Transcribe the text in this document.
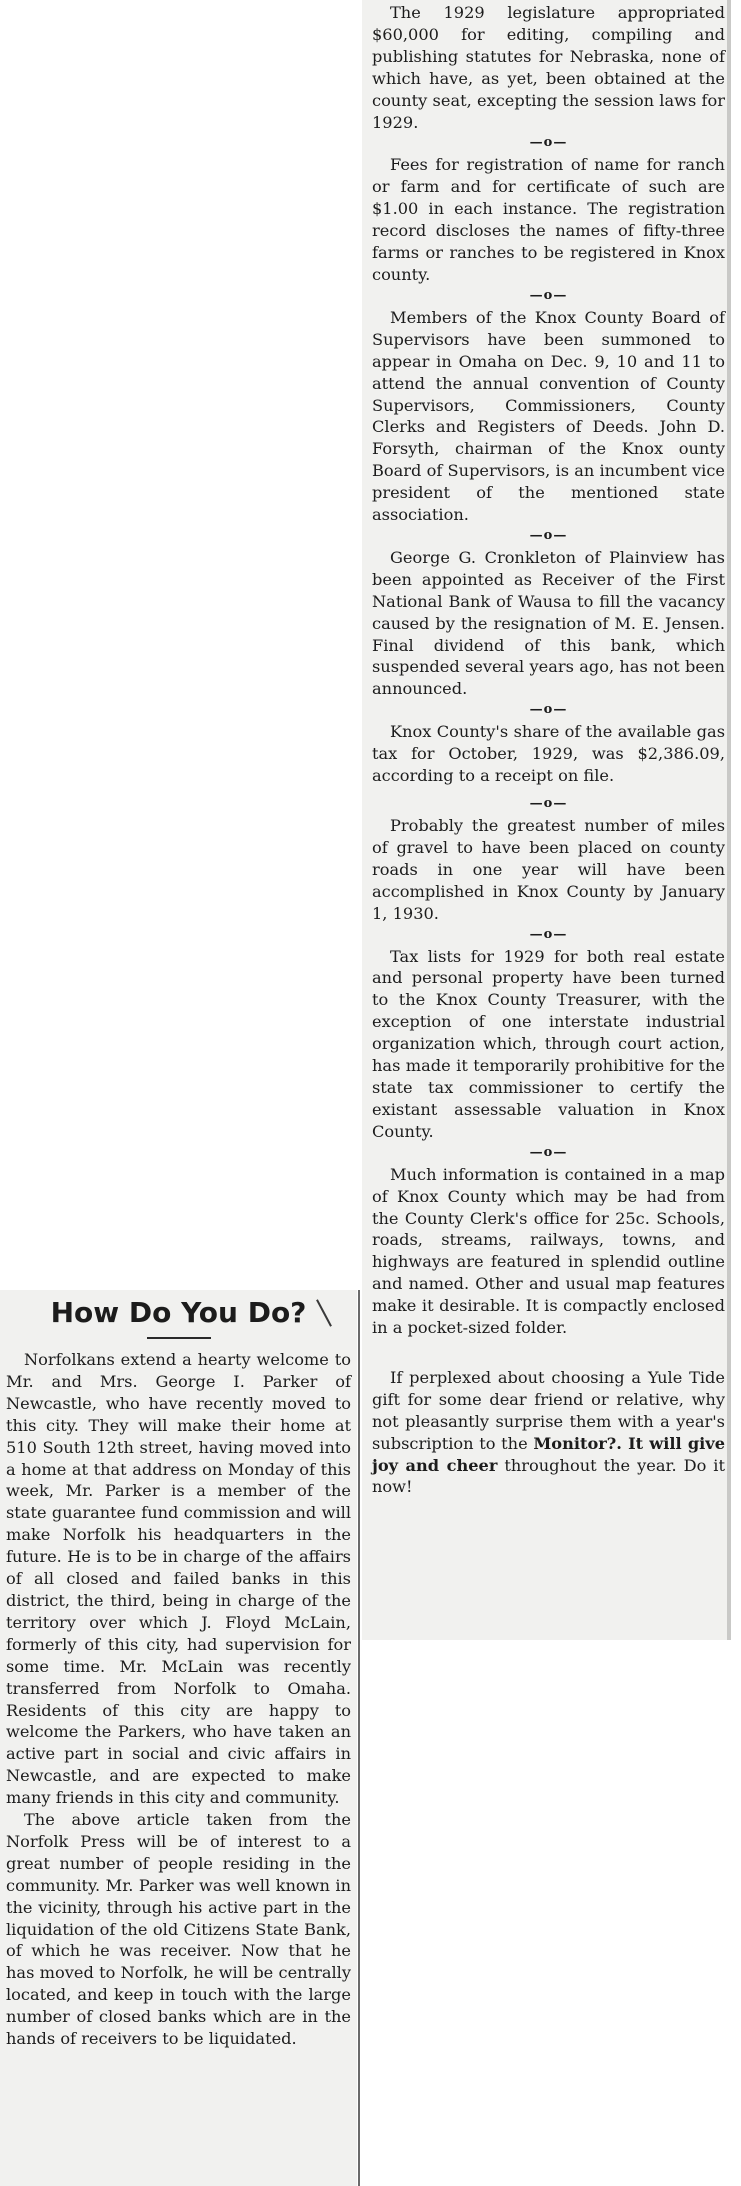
The 1929 legislature appropriated $60,000 for editing, compiling and publishing statutes for Nebraska, none of which have, as yet, been obtained at the county seat, excepting the session laws for 1929.

—o—

Fees for registration of name for ranch or farm and for certificate of such are $1.00 in each instance. The registration record discloses the names of fifty-three farms or ranches to be registered in Knox county.

—o—

Members of the Knox County Board of Supervisors have been summoned to appear in Omaha on Dec. 9, 10 and 11 to attend the annual convention of County Supervisors, Commissioners, County Clerks and Registers of Deeds. John D. Forsyth, chairman of the Knox ounty Board of Supervisors, is an incumbent vice president of the mentioned state association.

—o—

George G. Cronkleton of Plainview has been appointed as Receiver of the First National Bank of Wausa to fill the vacancy caused by the resignation of M. E. Jensen. Final dividend of this bank, which suspended several years ago, has not been announced.

—o—

Knox County's share of the available gas tax for October, 1929, was $2,386.09, according to a receipt on file.

—o—

Probably the greatest number of miles of gravel to have been placed on county roads in one year will have been accomplished in Knox County by January 1, 1930.

—o—

Tax lists for 1929 for both real estate and personal property have been turned to the Knox County Treasurer, with the exception of one interstate industrial organization which, through court action, has made it temporarily prohibitive for the state tax commissioner to certify the existant assessable valuation in Knox County.

—o—

Much information is contained in a map of Knox County which may be had from the County Clerk's office for 25c. Schools, roads, streams, railways, towns, and highways are featured in splendid outline and named. Other and usual map features make it desirable. It is compactly enclosed in a pocket-sized folder.

If perplexed about choosing a Yule Tide gift for some dear friend or relative, why not pleasantly surprise them with a year's subscription to the Monitor?. It will give joy and cheer throughout the year. Do it now!

How Do You Do?

Norfolkans extend a hearty welcome to Mr. and Mrs. George I. Parker of Newcastle, who have recently moved to this city. They will make their home at 510 South 12th street, having moved into a home at that address on Monday of this week, Mr. Parker is a member of the state guarantee fund commission and will make Norfolk his headquarters in the future. He is to be in charge of the affairs of all closed and failed banks in this district, the third, being in charge of the territory over which J. Floyd McLain, formerly of this city, had supervision for some time. Mr. McLain was recently transferred from Norfolk to Omaha. Residents of this city are happy to welcome the Parkers, who have taken an active part in social and civic affairs in Newcastle, and are expected to make many friends in this city and community.

The above article taken from the Norfolk Press will be of interest to a great number of people residing in the community. Mr. Parker was well known in the vicinity, through his active part in the liquidation of the old Citizens State Bank, of which he was receiver. Now that he has moved to Norfolk, he will be centrally located, and keep in touch with the large number of closed banks which are in the hands of receivers to be liquidated.
